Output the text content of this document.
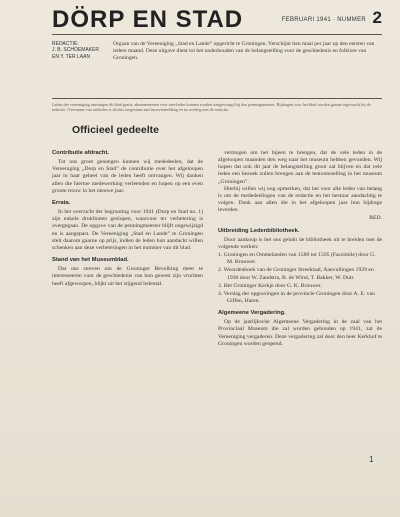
DÖRP EN STAD	FEBRUARI 1941 · NUMMER 2
REDACTIE:
J. B. SCHOEMAKER
EN Y. TER LAAN
Orgaan van de Vereeniging „Stad en Lande” opgericht te Groningen. Verschijnt tien maal per jaar op den eersten van iedere maand. Deze uitgave dient tot het onderhouden van de belangstelling voor de geschiedenis en folklore van Groningen.
Leden der vereeniging ontvangen dit blad gratis; abonnementen voor niet-leden kunnen worden aangevraagd bij den penningmeester. Bijdragen voor het blad worden gaarne ingewacht bij de redactie. Overname van artikelen is slechts toegestaan met bronvermelding en na overleg met de redactie.
Officieel gedeelte
Contributie afdracht.
Tot ons groot genoegen kunnen wij mededeelen, dat de Vereeniging „Dorp en Stad” de contributie over het afgeloopen jaar in haar geheel van de leden heeft ontvangen. Wij danken allen die hiertoe medewerking verleenden en hopen op een even groote trouw in het nieuwe jaar.
Errata.
In het overzicht der begrooting voor 1941 (Dorp en Stad no. 1) zijn enkele drukfouten geslopen, waarvoor ter verbetering is overgegaan. De opgave van de penningmeester blijft ongewijzigd en is aangepast. De Vereeniging „Stad en Lande” te Groningen stelt daarom gaarne op prijs, indien de leden hun aandacht willen schenken aan deze verbeteringen in het nummer van dit blad.
Stand van het Museumblad.
Dat ons streven om de Groninger Bevolking meer te interesseeren voor de geschiedenis van hun gewest zijn vruchten heeft afgeworpen, blijkt uit het stijgend ledental.
vermogen om het bijeen te brengen, dat de vele leden in de afgeloopen maanden den weg naar het museum hebben gevonden. Wij hopen dat ook dit jaar de belangstelling groot zal blijven en dat vele leden een bezoek zullen brengen aan de tentoonstelling in het museum „Groningen”.
Hierbij willen wij nog opmerken, dat het voor alle leden van belang is om de mededeelingen van de redactie en het bestuur aandachtig te volgen. Dank aan allen die in het afgeloopen jaar hun bijdrage leverden.
RED.
Uitbreiding Ledenbibliotheek.
Door aankoop is het ons gelukt de bibliotheek uit te breiden met de volgende werken:
1. Groningen en Ommelanden van 1580 tot 1595 (Facsimile) door G. M. Brouwer.
2. Woordenboek van de Groninger Streektaal, Aanvullingen 1929 en 1930 door W. Zandstra, B. de Wind, T. Bakker, W. Duit.
3. Het Groninger Kerkje door G. K. Brouwer.
4. Verslag der opgravingen in de provincie Groningen door A. E. van Giffen, Haren.
Algemeene Vergadering.
Op de jaarlijksche Algemeene Vergadering in de zaal van het Provinciaal Museum die zal worden gehouden op 1941, zal de Vereeniging vergaderen. Deze vergadering zal door den heer Kerkhof te Groningen worden geopend.
1
